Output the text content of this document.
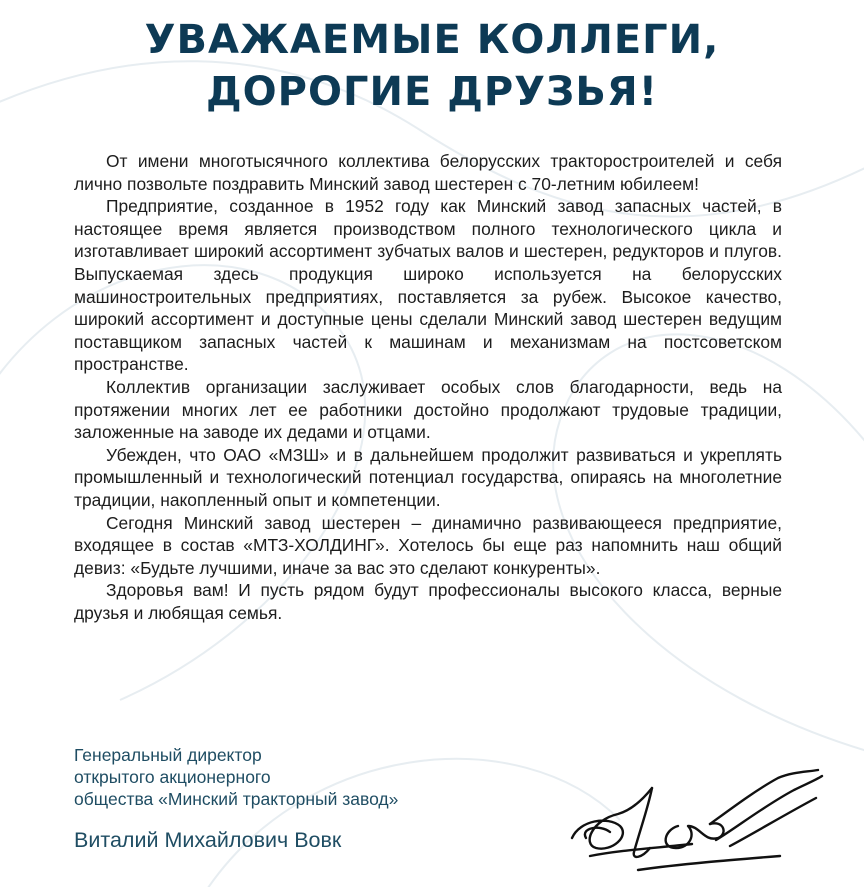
УВАЖАЕМЫЕ КОЛЛЕГИ,
ДОРОГИЕ ДРУЗЬЯ!

От имени многотысячного коллектива белорусских тракторостроителей и себя лично позвольте поздравить Минский завод шестерен с 70-летним юбилеем!

Предприятие, созданное в 1952 году как Минский завод запасных частей, в настоящее время является производством полного технологического цикла и изготавливает широкий ассортимент зубчатых валов и шестерен, редукторов и плугов. Выпускаемая здесь продукция широко используется на белорусских машиностроительных предприятиях, поставляется за рубеж. Высокое качество, широкий ассортимент и доступные цены сделали Минский завод шестерен ведущим поставщиком запасных частей к машинам и механизмам на постсоветском пространстве.

Коллектив организации заслуживает особых слов благодарности, ведь на протяжении многих лет ее работники достойно продолжают трудовые традиции, заложенные на заводе их дедами и отцами.

Убежден, что ОАО «МЗШ» и в дальнейшем продолжит развиваться и укреплять промышленный и технологический потенциал государства, опираясь на многолетние традиции, накопленный опыт и компетенции.

Сегодня Минский завод шестерен – динамично развивающееся предприятие, входящее в состав «МТЗ-ХОЛДИНГ». Хотелось бы еще раз напомнить наш общий девиз: «Будьте лучшими, иначе за вас это сделают конкуренты».

Здоровья вам! И пусть рядом будут профессионалы высокого класса, верные друзья и любящая семья.

Генеральный директор
открытого акционерного
общества «Минский тракторный завод»
Виталий Михайлович Вовк
